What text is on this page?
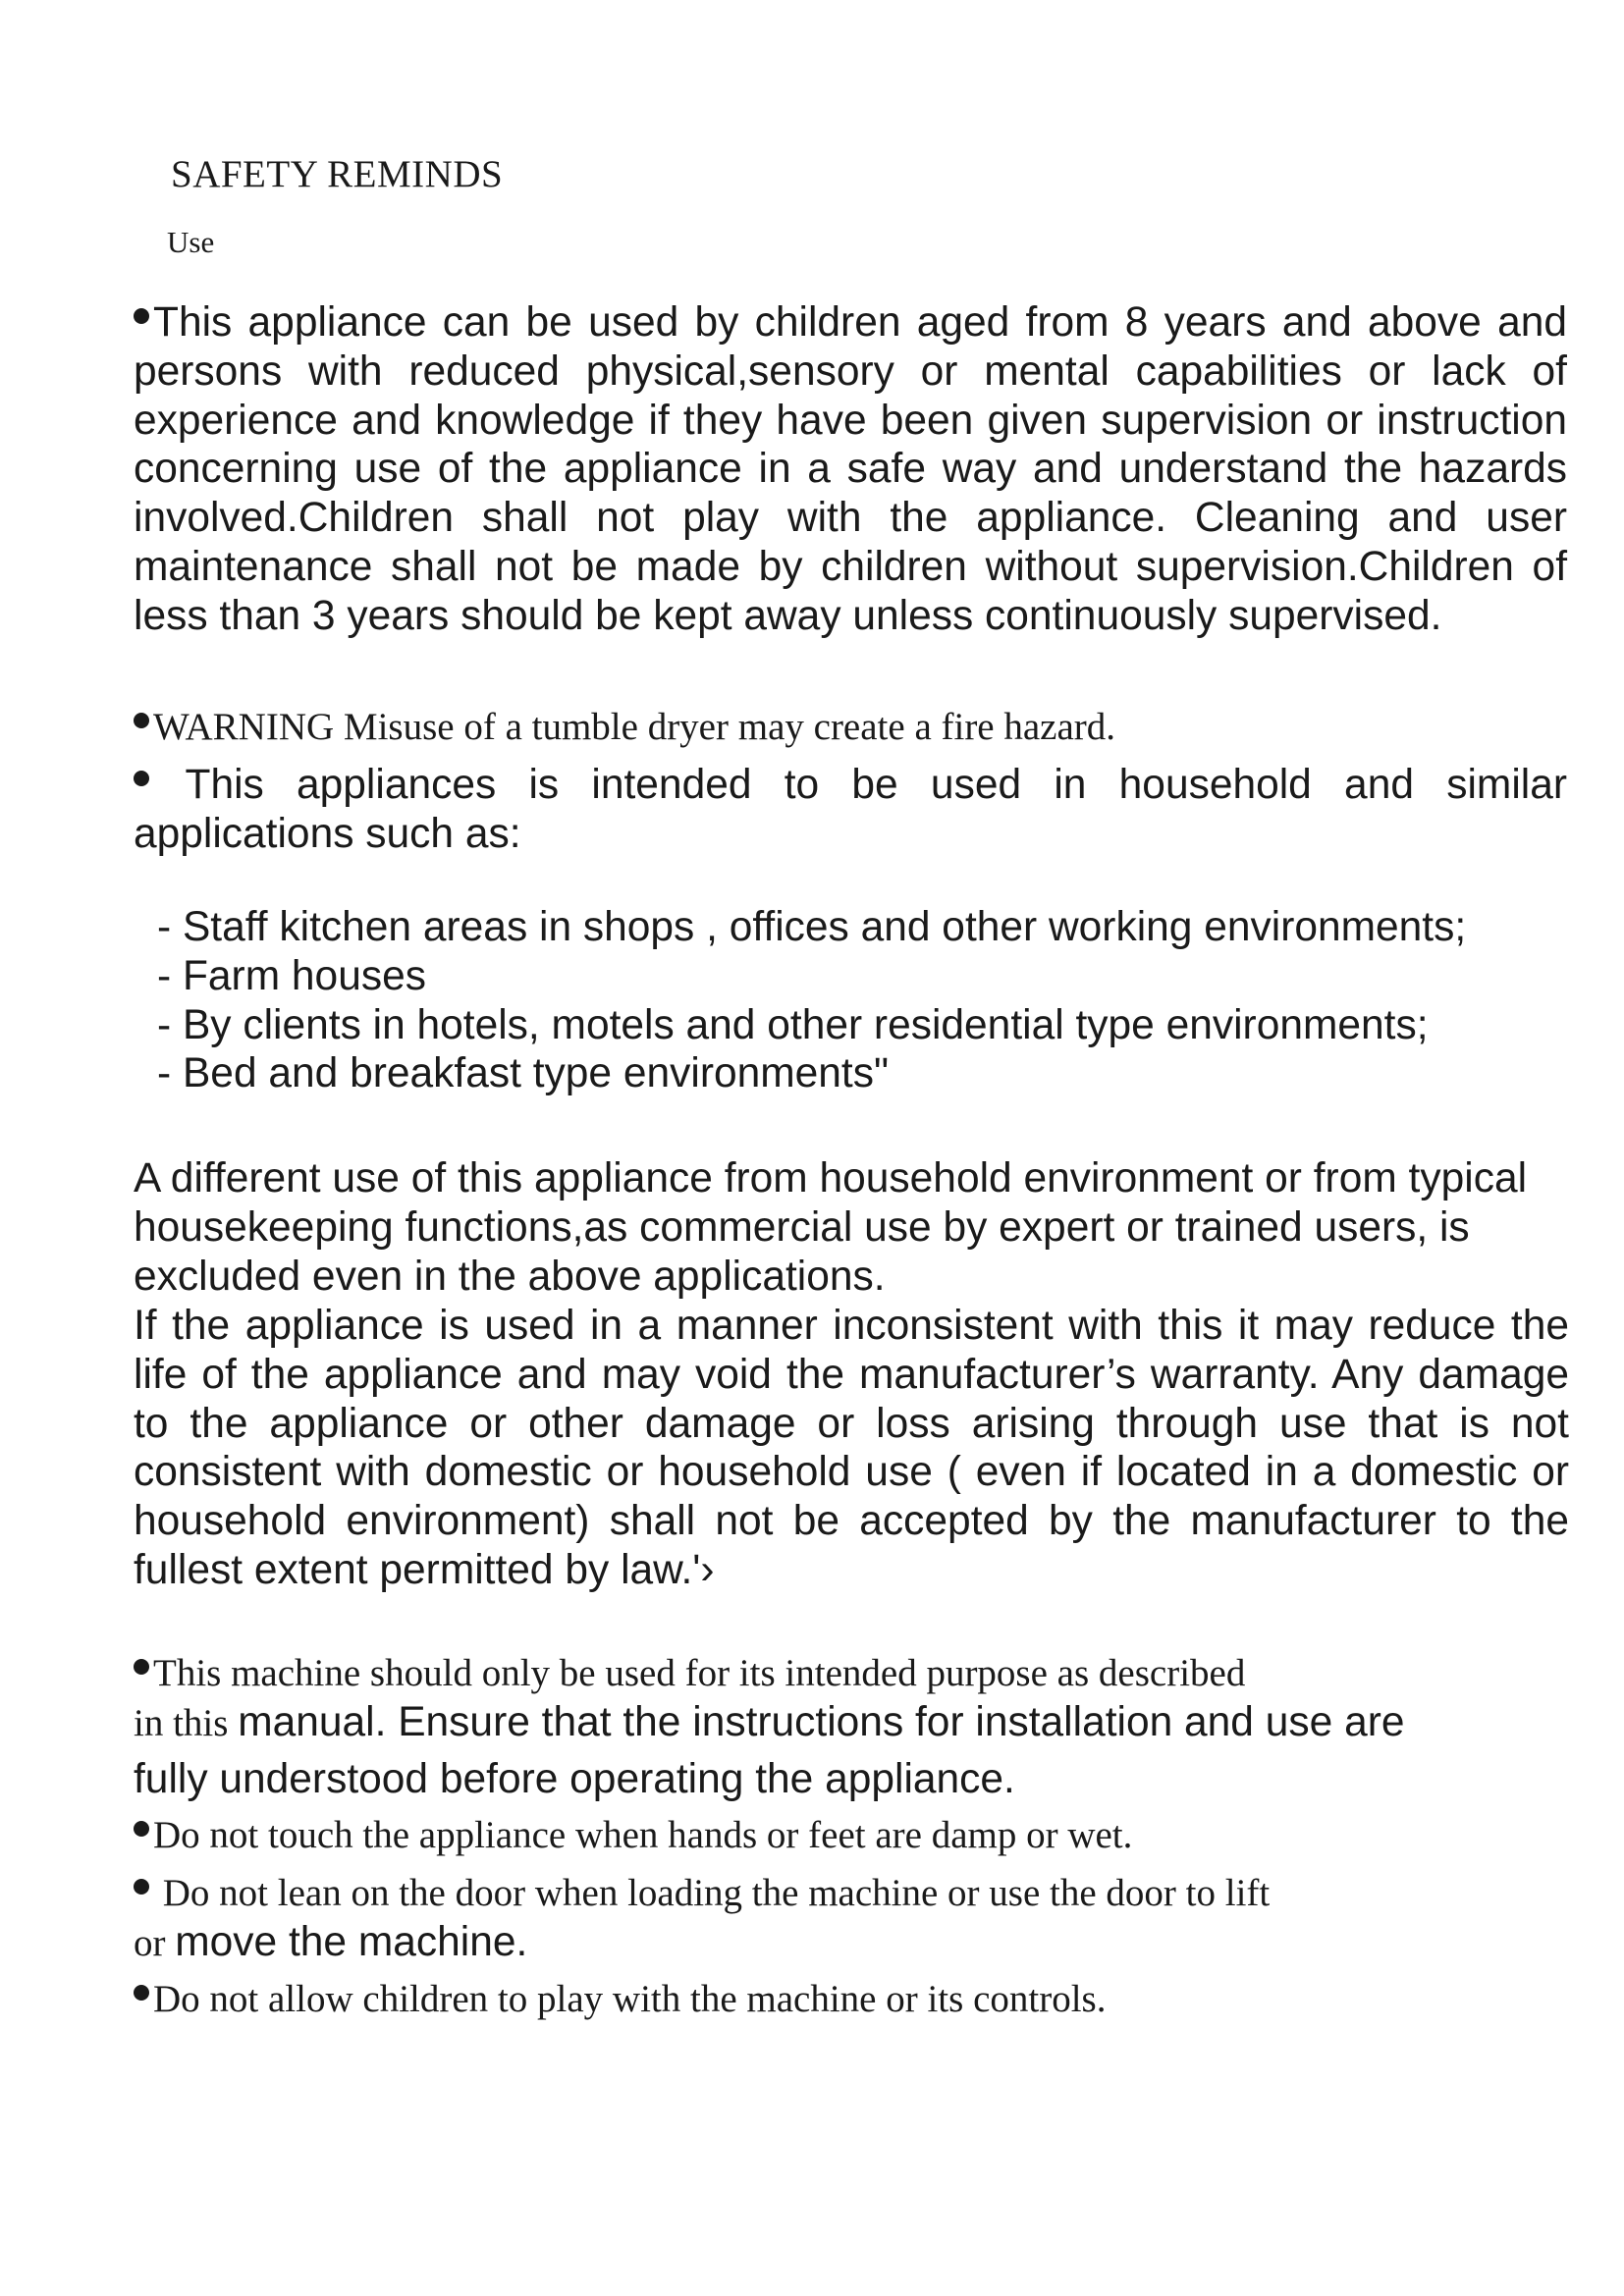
SAFETY REMINDS
Use
This appliance can be used by children aged from 8 years and above and persons with reduced physical,sensory or mental capabilities or lack of experience and knowledge if they have been given supervision or instruction concerning use of the appliance in a safe way and understand the hazards involved.Children shall not play with the appliance. Cleaning and user maintenance shall not be made by children without supervision.Children of less than 3 years should be kept away unless continuously supervised.
WARNING Misuse of a tumble dryer may create a fire hazard.
This appliances is intended to be used in household and similar applications such as:
- Staff kitchen areas in shops , offices and other working environments;
- Farm houses
- By clients in hotels, motels and other residential type environments;
- Bed and breakfast type environments"
A different use of this appliance from household environment or from typical housekeeping functions,as commercial use by expert or trained users, is excluded even in the above applications.
If the appliance is used in a manner inconsistent with this it may reduce the life of the appliance and may void the manufacturer’s warranty. Any damage to the appliance or other damage or loss arising through use that is not consistent with domestic or household use ( even if located in a domestic or household environment) shall not be accepted by the manufacturer to the fullest extent permitted by law.'›
This machine should only be used for its intended purpose as described
in this manual. Ensure that the instructions for installation and use are
fully understood before operating the appliance.
Do not touch the appliance when hands or feet are damp or wet.
Do not lean on the door when loading the machine or use the door to lift
or move the machine.
Do not allow children to play with the machine or its controls.
